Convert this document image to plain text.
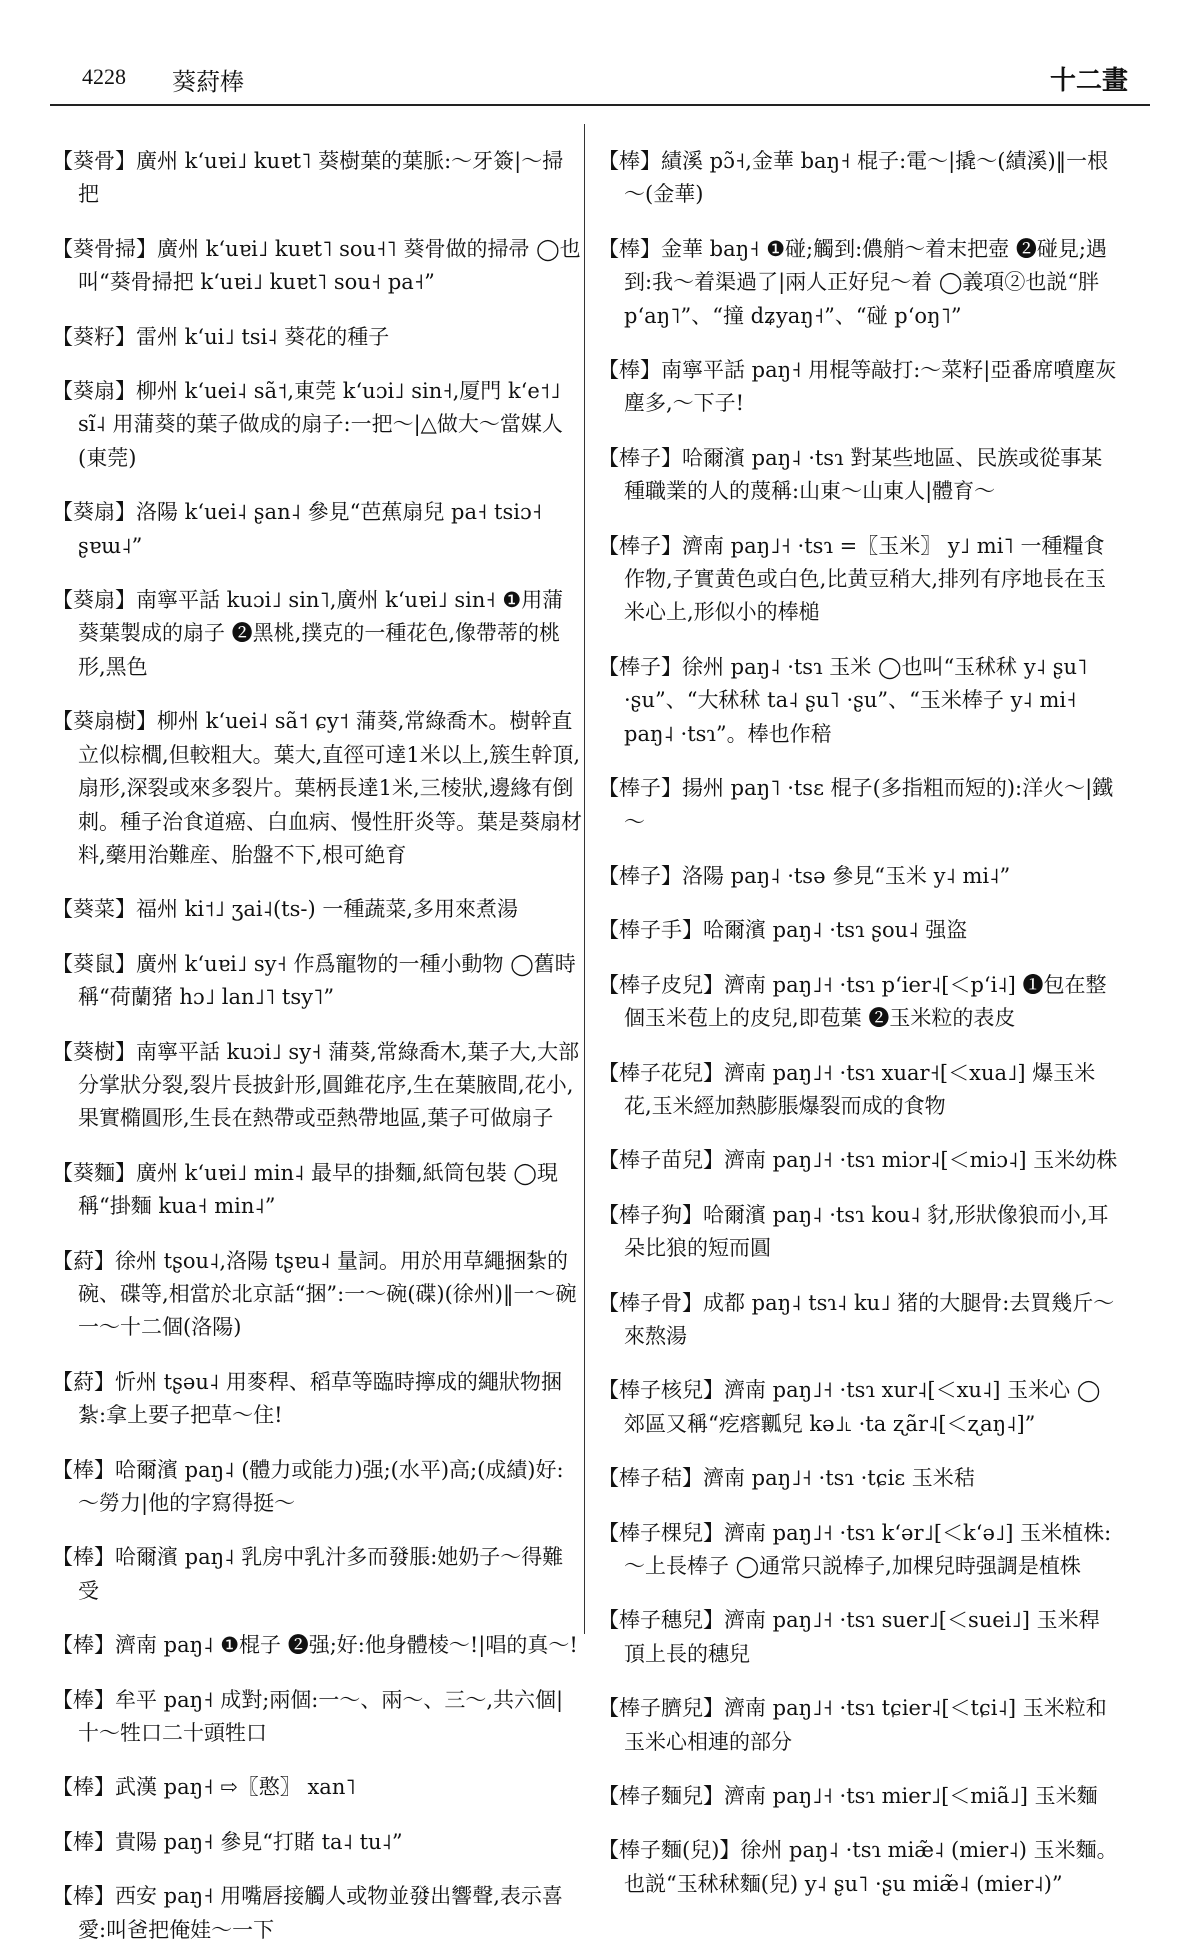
4228 葵葤棒	十二畫

【葵骨】廣州 kʻuɐi˩ kuɐt˥ 葵樹葉的葉脈:～牙簽|～掃把

【葵骨掃】廣州 kʻuɐi˩ kuɐt˥ sou˧˥ 葵骨做的掃帚 ◯也叫“葵骨掃把 kʻuɐi˩ kuɐt˥ sou˧ pa˧”

【葵籽】雷州 kʻui˩ tsi˨ 葵花的種子

【葵扇】柳州 kʻuei˨ sã˦,東莞 kʻuɔi˩ sin˧,厦門 kʻe˦˩ sĩ˨ 用蒲葵的葉子做成的扇子:一把～|△做大～當媒人(東莞)

【葵扇】洛陽 kʻuei˨ ʂan˨ 參見“芭蕉扇兒 pa˧ tsiɔ˧ ʂɐɯ˨”

【葵扇】南寧平話 kuɔi˩ sin˥,廣州 kʻuɐi˩ sin˧ ❶用蒲葵葉製成的扇子 ❷黑桃,撲克的一種花色,像帶蒂的桃形,黑色

【葵扇樹】柳州 kʻuei˨ sã˦ ɕy˦ 蒲葵,常綠喬木。樹幹直立似棕櫚,但較粗大。葉大,直徑可達1米以上,簇生幹頂,扇形,深裂或來多裂片。葉柄長達1米,三棱狀,邊緣有倒刺。種子治食道癌、白血病、慢性肝炎等。葉是葵扇材料,藥用治難産、胎盤不下,根可絶育

【葵菜】福州 ki˦˩ ʒai˨(ts-) 一種蔬菜,多用來煮湯

【葵鼠】廣州 kʻuɐi˩ sy˧ 作爲寵物的一種小動物 ◯舊時稱“荷蘭猪 hɔ˩ lan˩˥ tsy˥”

【葵樹】南寧平話 kuɔi˩ sy˧ 蒲葵,常綠喬木,葉子大,大部分掌狀分裂,裂片長披針形,圓錐花序,生在葉腋間,花小,果實橢圓形,生長在熱帶或亞熱帶地區,葉子可做扇子

【葵麵】廣州 kʻuɐi˩ min˨ 最早的掛麵,紙筒包裝 ◯現稱“掛麵 kua˧ min˨”

【葤】徐州 tʂou˨,洛陽 tʂɐu˨ 量詞。用於用草繩捆紮的碗、碟等,相當於北京話“捆”:一～碗(碟)(徐州)‖一～碗一～十二個(洛陽)

【葤】忻州 tʂəu˨ 用麥稈、稻草等臨時擰成的繩狀物捆紮:拿上要子把草～住!

【棒】哈爾濱 paŋ˨ (體力或能力)强;(水平)高;(成績)好:～勞力|他的字寫得挺～

【棒】哈爾濱 paŋ˨ 乳房中乳汁多而發脹:她奶子～得難受

【棒】濟南 paŋ˨ ❶棍子 ❷强;好:他身體棱～!|唱的真～!

【棒】牟平 paŋ˧ 成對;兩個:一～、兩～、三～,共六個|十～牲口二十頭牲口

【棒】武漢 paŋ˧ ⇨〖憨〗 xan˥

【棒】貴陽 paŋ˧ 參見“打賭 ta˨ tu˨”

【棒】西安 paŋ˧ 用嘴唇接觸人或物並發出響聲,表示喜愛:叫爸把俺娃～一下

【棒】績溪 pɔ̃˧,金華 baŋ˧ 棍子:電～|撬～(績溪)‖一根～(金華)

【棒】金華 baŋ˧ ❶碰;觸到:儂艄～着末把壺 ❷碰見;遇到:我～着渠過了|兩人正好兒～着 ◯義項②也説“胖 pʻaŋ˥”、“撞 dʑyaŋ˧”、“碰 pʻoŋ˥”

【棒】南寧平話 paŋ˧ 用棍等敲打:～菜籽|亞番席噴塵灰塵多,～下子!

【棒子】哈爾濱 paŋ˨ ·tsɿ 對某些地區、民族或從事某種職業的人的蔑稱:山東～山東人|體育～

【棒子】濟南 paŋ˩˧ ·tsɿ =〖玉米〗 y˩ mi˥ 一種糧食作物,子實黄色或白色,比黄豆稍大,排列有序地長在玉米心上,形似小的棒槌

【棒子】徐州 paŋ˨ ·tsɿ 玉米 ◯也叫“玉秫秫 y˨ ʂu˥ ·ʂu”、“大秫秫 ta˨ ʂu˥ ·ʂu”、“玉米棒子 y˨ mi˧ paŋ˨ ·tsɿ”。棒也作稖

【棒子】揚州 paŋ˥ ·tsɛ 棍子(多指粗而短的):洋火～|鐵～

【棒子】洛陽 paŋ˨ ·tsə 參見“玉米 y˨ mi˨”

【棒子手】哈爾濱 paŋ˨ ·tsɿ ʂou˨ 强盗

【棒子皮兒】濟南 paŋ˩˧ ·tsɿ pʻier˨[＜pʻi˨] ❶包在整個玉米苞上的皮兒,即苞葉 ❷玉米粒的表皮

【棒子花兒】濟南 paŋ˩˧ ·tsɿ xuar˧[＜xua˩] 爆玉米花,玉米經加熱膨脹爆裂而成的食物

【棒子苗兒】濟南 paŋ˩˧ ·tsɿ miɔr˨[＜miɔ˨] 玉米幼株

【棒子狗】哈爾濱 paŋ˨ ·tsɿ kou˨ 豺,形狀像狼而小,耳朵比狼的短而圓

【棒子骨】成都 paŋ˨ tsɿ˨ ku˩ 猪的大腿骨:去買幾斤～來熬湯

【棒子核兒】濟南 paŋ˩˧ ·tsɿ xur˨[＜xu˨] 玉米心 ◯郊區又稱“疙瘩瓤兒 kə˩˪ ·ta ʐãr˨[＜ʐaŋ˨]”

【棒子秸】濟南 paŋ˩˧ ·tsɿ ·tɕiɛ 玉米秸

【棒子棵兒】濟南 paŋ˩˧ ·tsɿ kʻər˩[＜kʻə˩] 玉米植株:～上長棒子 ◯通常只説棒子,加棵兒時强調是植株

【棒子穗兒】濟南 paŋ˩˧ ·tsɿ suer˩[＜suei˩] 玉米稈頂上長的穗兒

【棒子臍兒】濟南 paŋ˩˧ ·tsɿ tɕier˨[＜tɕi˨] 玉米粒和玉米心相連的部分

【棒子麵兒】濟南 paŋ˩˧ ·tsɿ mier˩[＜miã˩] 玉米麵

【棒子麵(兒)】徐州 paŋ˨ ·tsɿ miæ̃˨ (mier˨) 玉米麵。也説“玉秫秫麵(兒) y˨ ʂu˥ ·ʂu miæ̃˨ (mier˨)”
